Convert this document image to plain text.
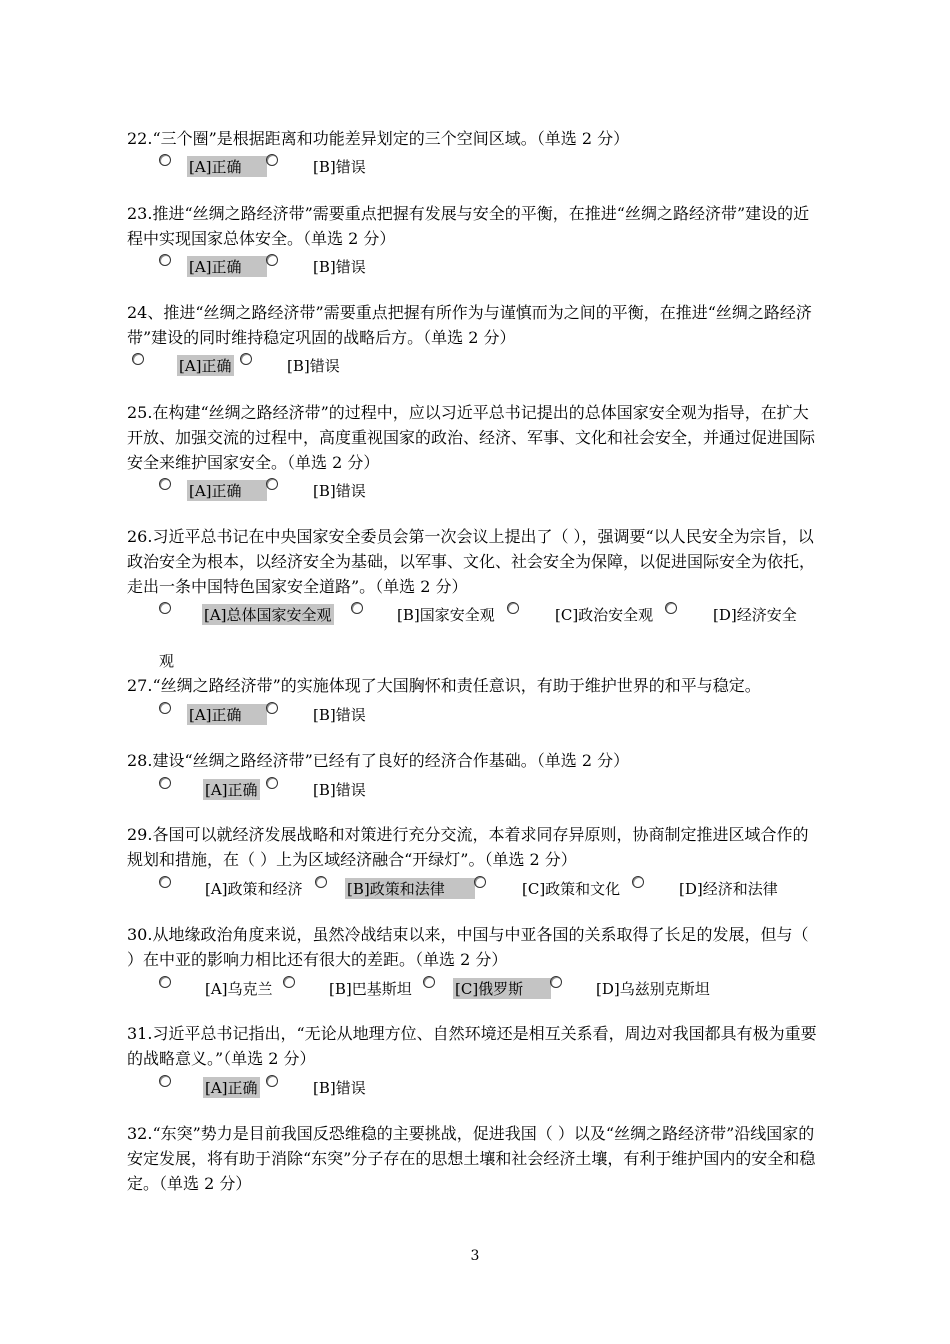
22.“三个圈”是根据距离和功能差异划定的三个空间区域。（单选 2 分）

23.推进“丝绸之路经济带”需要重点把握有发展与安全的平衡，在推进“丝绸之路经济带”建设的近程中实现国家总体安全。（单选 2 分）

24、推进“丝绸之路经济带”需要重点把握有所作为与谨慎而为之间的平衡，在推进“丝绸之路经济带”建设的同时维持稳定巩固的战略后方。（单选 2 分）

25.在构建“丝绸之路经济带”的过程中，应以习近平总书记提出的总体国家安全观为指导，在扩大开放、加强交流的过程中，高度重视国家的政治、经济、军事、文化和社会安全，并通过促进国际安全来维护国家安全。（单选 2 分）

26.习近平总书记在中央国家安全委员会第一次会议上提出了（ ），强调要“以人民安全为宗旨，以政治安全为根本，以经济安全为基础，以军事、文化、社会安全为保障，以促进国际安全为依托，走出一条中国特色国家安全道路”。（单选 2 分）

27.“丝绸之路经济带”的实施体现了大国胸怀和责任意识，有助于维护世界的和平与稳定。

28.建设“丝绸之路经济带”已经有了良好的经济合作基础。（单选 2 分）

29.各国可以就经济发展战略和对策进行充分交流，本着求同存异原则，协商制定推进区域合作的规划和措施，在（ ）上为区域经济融合“开绿灯”。（单选 2 分）

30.从地缘政治角度来说，虽然冷战结束以来，中国与中亚各国的关系取得了长足的发展，但与（ ）在中亚的影响力相比还有很大的差距。（单选 2 分）

31.习近平总书记指出，“无论从地理方位、自然环境还是相互关系看，周边对我国都具有极为重要的战略意义。”（单选 2 分）

32.“东突”势力是目前我国反恐维稳的主要挑战，促进我国（ ）以及“丝绸之路经济带”沿线国家的安定发展，将有助于消除“东突”分子存在的思想土壤和社会经济土壤，有利于维护国内的安全和稳定。（单选 2 分）

[A]正确	[B]错误
[A]正确	[B]错误
[A]正确	[B]错误
[A]正确	[B]错误
[A]总体国家安全观	[B]国家安全观	[C]政治安全观	[D]经济安全
观
[A]正确	[B]错误
[A]正确	[B]错误
[A]政策和经济	[B]政策和法律	[C]政策和文化	[D]经济和法律
[A]乌克兰	[B]巴基斯坦	[C]俄罗斯	[D]乌兹别克斯坦
[A]正确	[B]错误
3
